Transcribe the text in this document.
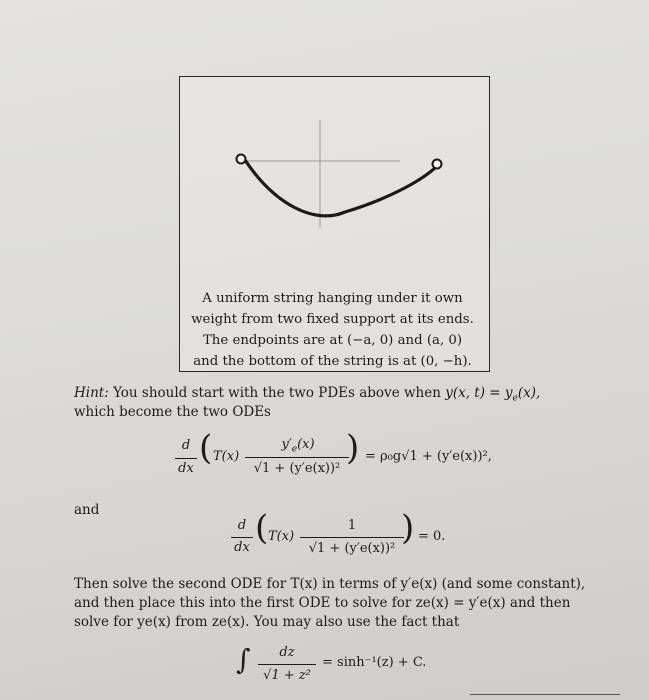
A uniform string hanging under it own
weight from two fixed support at its ends.
The endpoints are at (−a, 0) and (a, 0)
and the bottom of the string is at (0, −h).
Hint: You should start with the two PDEs above when y(x, $t) = y_e(x)$,
which become the two ODEs
d
dx
( T(x)
$y'_e(x)$
√1 + (y′e(x))²
) = ρ₀g√1 + (y′e(x))²,
and
d
dx ( T(x)
1
√1 + (y′e(x))²
) = 0.
Then solve the second ODE for T(x) in terms of y′e(x) (and some constant),
and then place this into the first ODE to solve for ze(x) = y′e(x) and then
solve for ye(x) from ze(x). You may also use the fact that
∫	dz
√1 + z²
= sinh⁻¹(z) + C.
